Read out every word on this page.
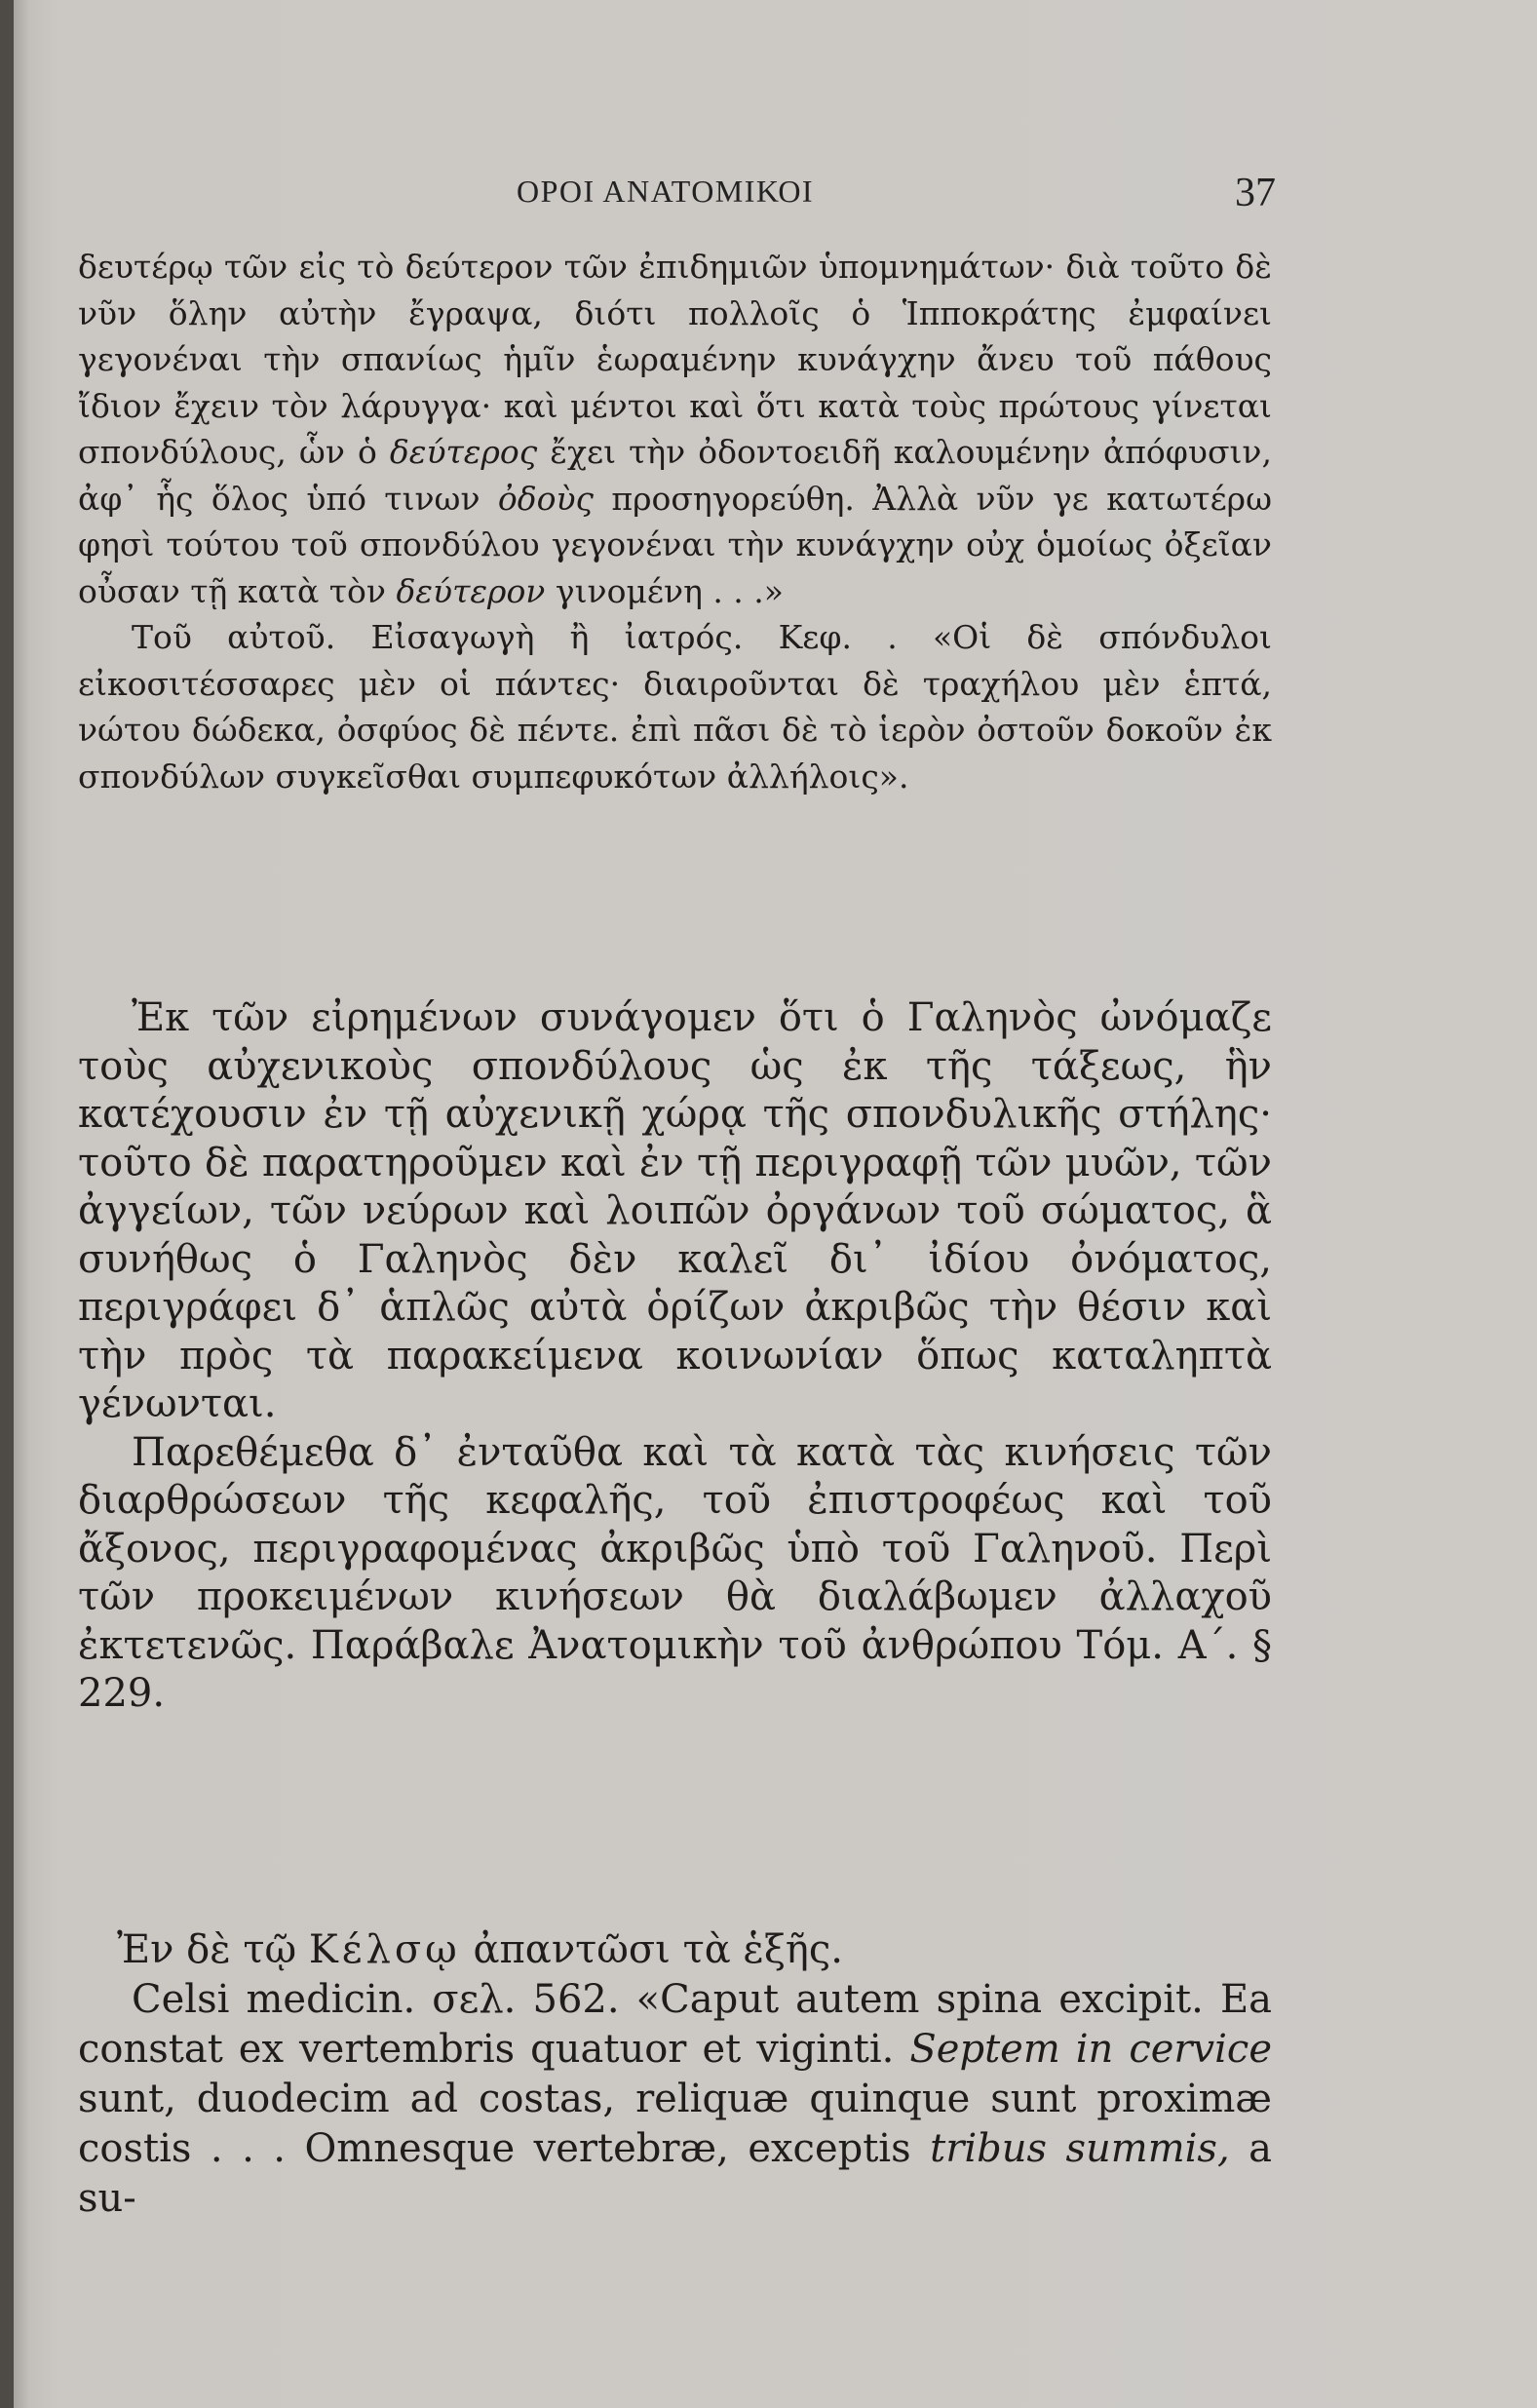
ΟΡΟΙ ΑΝΑΤΟΜΙΚΟΙ	37

δευτέρῳ τῶν εἰς τὸ δεύτερον τῶν ἐπιδημιῶν ὑπομνημάτων· διὰ τοῦτο δὲ νῦν ὅλην αὐτὴν ἔγραψα, διότι πολλοῖς ὁ Ἱπποκράτης ἐμφαίνει γεγονέναι τὴν σπανίως ἡμῖν ἑωραμένην κυνάγχην ἄνευ τοῦ πάθους ἴδιον ἔχειν τὸν λάρυγγα· καὶ μέντοι καὶ ὅτι κατὰ τοὺς πρώτους γίνεται σπονδύλους, ὧν ὁ δεύτερος ἔχει τὴν ὀδοντοειδῆ καλουμένην ἀπόφυσιν, ἀφ᾽ ἧς ὅλος ὑπό τινων ὀδοὺς προσηγορεύθη. Ἀλλὰ νῦν γε κατωτέρω φησὶ τούτου τοῦ σπονδύλου γεγονέναι τὴν κυνάγχην οὐχ ὁμοίως ὀξεῖαν οὖσαν τῇ κατὰ τὸν δεύτερον γινομένη . . .»

Τοῦ αὐτοῦ. Εἰσαγωγὴ ἢ ἰατρός. Κεφ. . «Οἱ δὲ σπόνδυλοι εἰκοσιτέσσαρες μὲν οἱ πάντες· διαιροῦνται δὲ τραχήλου μὲν ἑπτά, νώτου δώδεκα, ὀσφύος δὲ πέντε. ἐπὶ πᾶσι δὲ τὸ ἱερὸν ὀστοῦν δοκοῦν ἐκ σπονδύλων συγκεῖσθαι συμπεφυκότων ἀλλήλοις».

Ἐκ τῶν εἰρημένων συνάγομεν ὅτι ὁ Γαληνὸς ὠνόμαζε τοὺς αὐχενικοὺς σπονδύλους ὡς ἐκ τῆς τάξεως, ἣν κατέχουσιν ἐν τῇ αὐχενικῇ χώρᾳ τῆς σπονδυλικῆς στήλης· τοῦτο δὲ παρατηροῦμεν καὶ ἐν τῇ περιγραφῇ τῶν μυῶν, τῶν ἀγγείων, τῶν νεύρων καὶ λοιπῶν ὀργάνων τοῦ σώματος, ἃ συνήθως ὁ Γαληνὸς δὲν καλεῖ δι᾽ ἰδίου ὀνόματος, περιγράφει δ᾽ ἁπλῶς αὐτὰ ὁρίζων ἀκριβῶς τὴν θέσιν καὶ τὴν πρὸς τὰ παρακείμενα κοινωνίαν ὅπως καταληπτὰ γένωνται.

Παρεθέμεθα δ᾽ ἐνταῦθα καὶ τὰ κατὰ τὰς κινήσεις τῶν διαρθρώσεων τῆς κεφαλῆς, τοῦ ἐπιστροφέως καὶ τοῦ ἄξονος, περιγραφομένας ἀκριβῶς ὑπὸ τοῦ Γαληνοῦ. Περὶ τῶν προκειμένων κινήσεων θὰ διαλάβωμεν ἀλλαχοῦ ἐκτετενῶς. Παράβαλε Ἀνατομικὴν τοῦ ἀνθρώπου Τόμ. Α΄. § 229.

Ἐν δὲ τῷ Κέλσῳ ἀπαντῶσι τὰ ἑξῆς.

Celsi medicin. σελ. 562. «Caput autem spina excipit. Ea constat ex vertembris quatuor et viginti. Septem in cervice sunt, duodecim ad costas, reliquæ quinque sunt proximæ costis . . . Omnesque vertebræ, exceptis tribus summis, a su-
